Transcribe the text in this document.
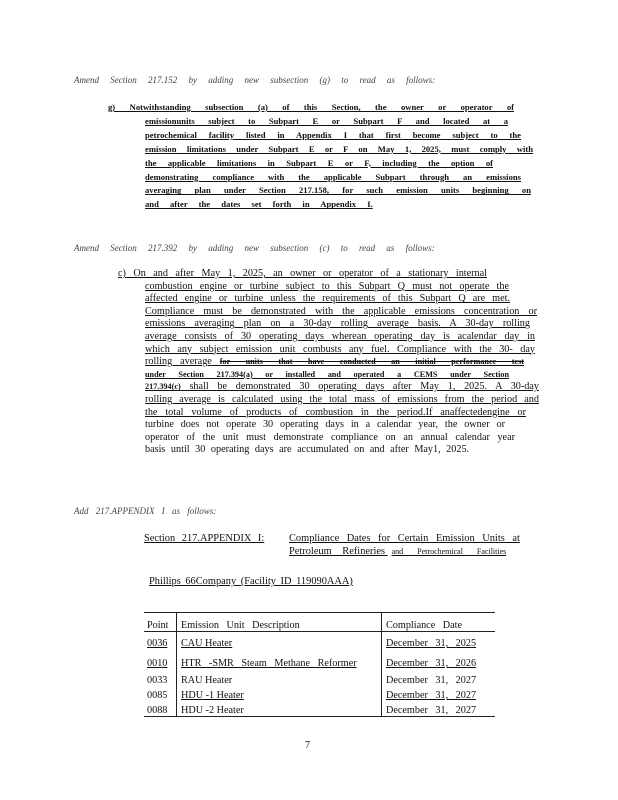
Amend Section 217.152 by adding new subsection (g) to read as follows:
g) Notwithstanding subsection (a) of this Section, the owner or operator of
emissionunits subject to Subpart E or Subpart F and located at a
petrochemical facility listed in Appendix I that first become subject to the
emission limitations under Subpart E or F on May 1, 2025, must comply with
the applicable limitations in Subpart E or F, including the option of
demonstrating compliance with the applicable Subpart through an emissions
averaging plan under Section 217.158, for such emission units beginning on
and after the dates set forth in Appendix I.
Amend Section 217.392 by adding new subsection (c) to read as follows:
c) On and after May 1, 2025, an owner or operator of a stationary internal
combustion engine or turbine subject to this Subpart Q must not operate the
affected engine or turbine unless the requirements of this Subpart Q are met.
Compliance must be demonstrated with the applicable emissions concentration or
emissions averaging plan on a 30-day rolling average basis. A 30-day rolling
average consists of 30 operating days wherean operating day is acalendar day in
which any subject emission unit combusts any fuel. Compliance with the 30- day
rolling average for units that have conducted an initial performance test
under Section 217.394(a) or installed and operated a CEMS under Section
217.394(c) shall be demonstrated 30 operating days after May 1, 2025. A 30-day
rolling average is calculated using the total mass of emissions from the period and
the total volume of products of combustion in the period.If anaffectedengine or
turbine does not operate 30 operating days in a calendar year, the owner or
operator of the unit must demonstrate compliance on an annual calendar year
basis until 30 operating days are accumulated on and after May1, 2025.
Add 217.APPENDIX I as follows:
Section 217.APPENDIX I:	Compliance Dates for Certain Emission Units at
Petroleum Refineries and Petrochemical Facilities
Phillips 66Company (Facility ID 119090AAA)
Point	Emission Unit Description	Compliance Date
0036	CAU Heater	December 31, 2025
0010	HTR -SMR Steam Methane Reformer	December 31, 2026
0033	RAU Heater	December 31, 2027
0085	HDU -1 Heater	December 31, 2027
0088	HDU -2 Heater	December 31, 2027
7
